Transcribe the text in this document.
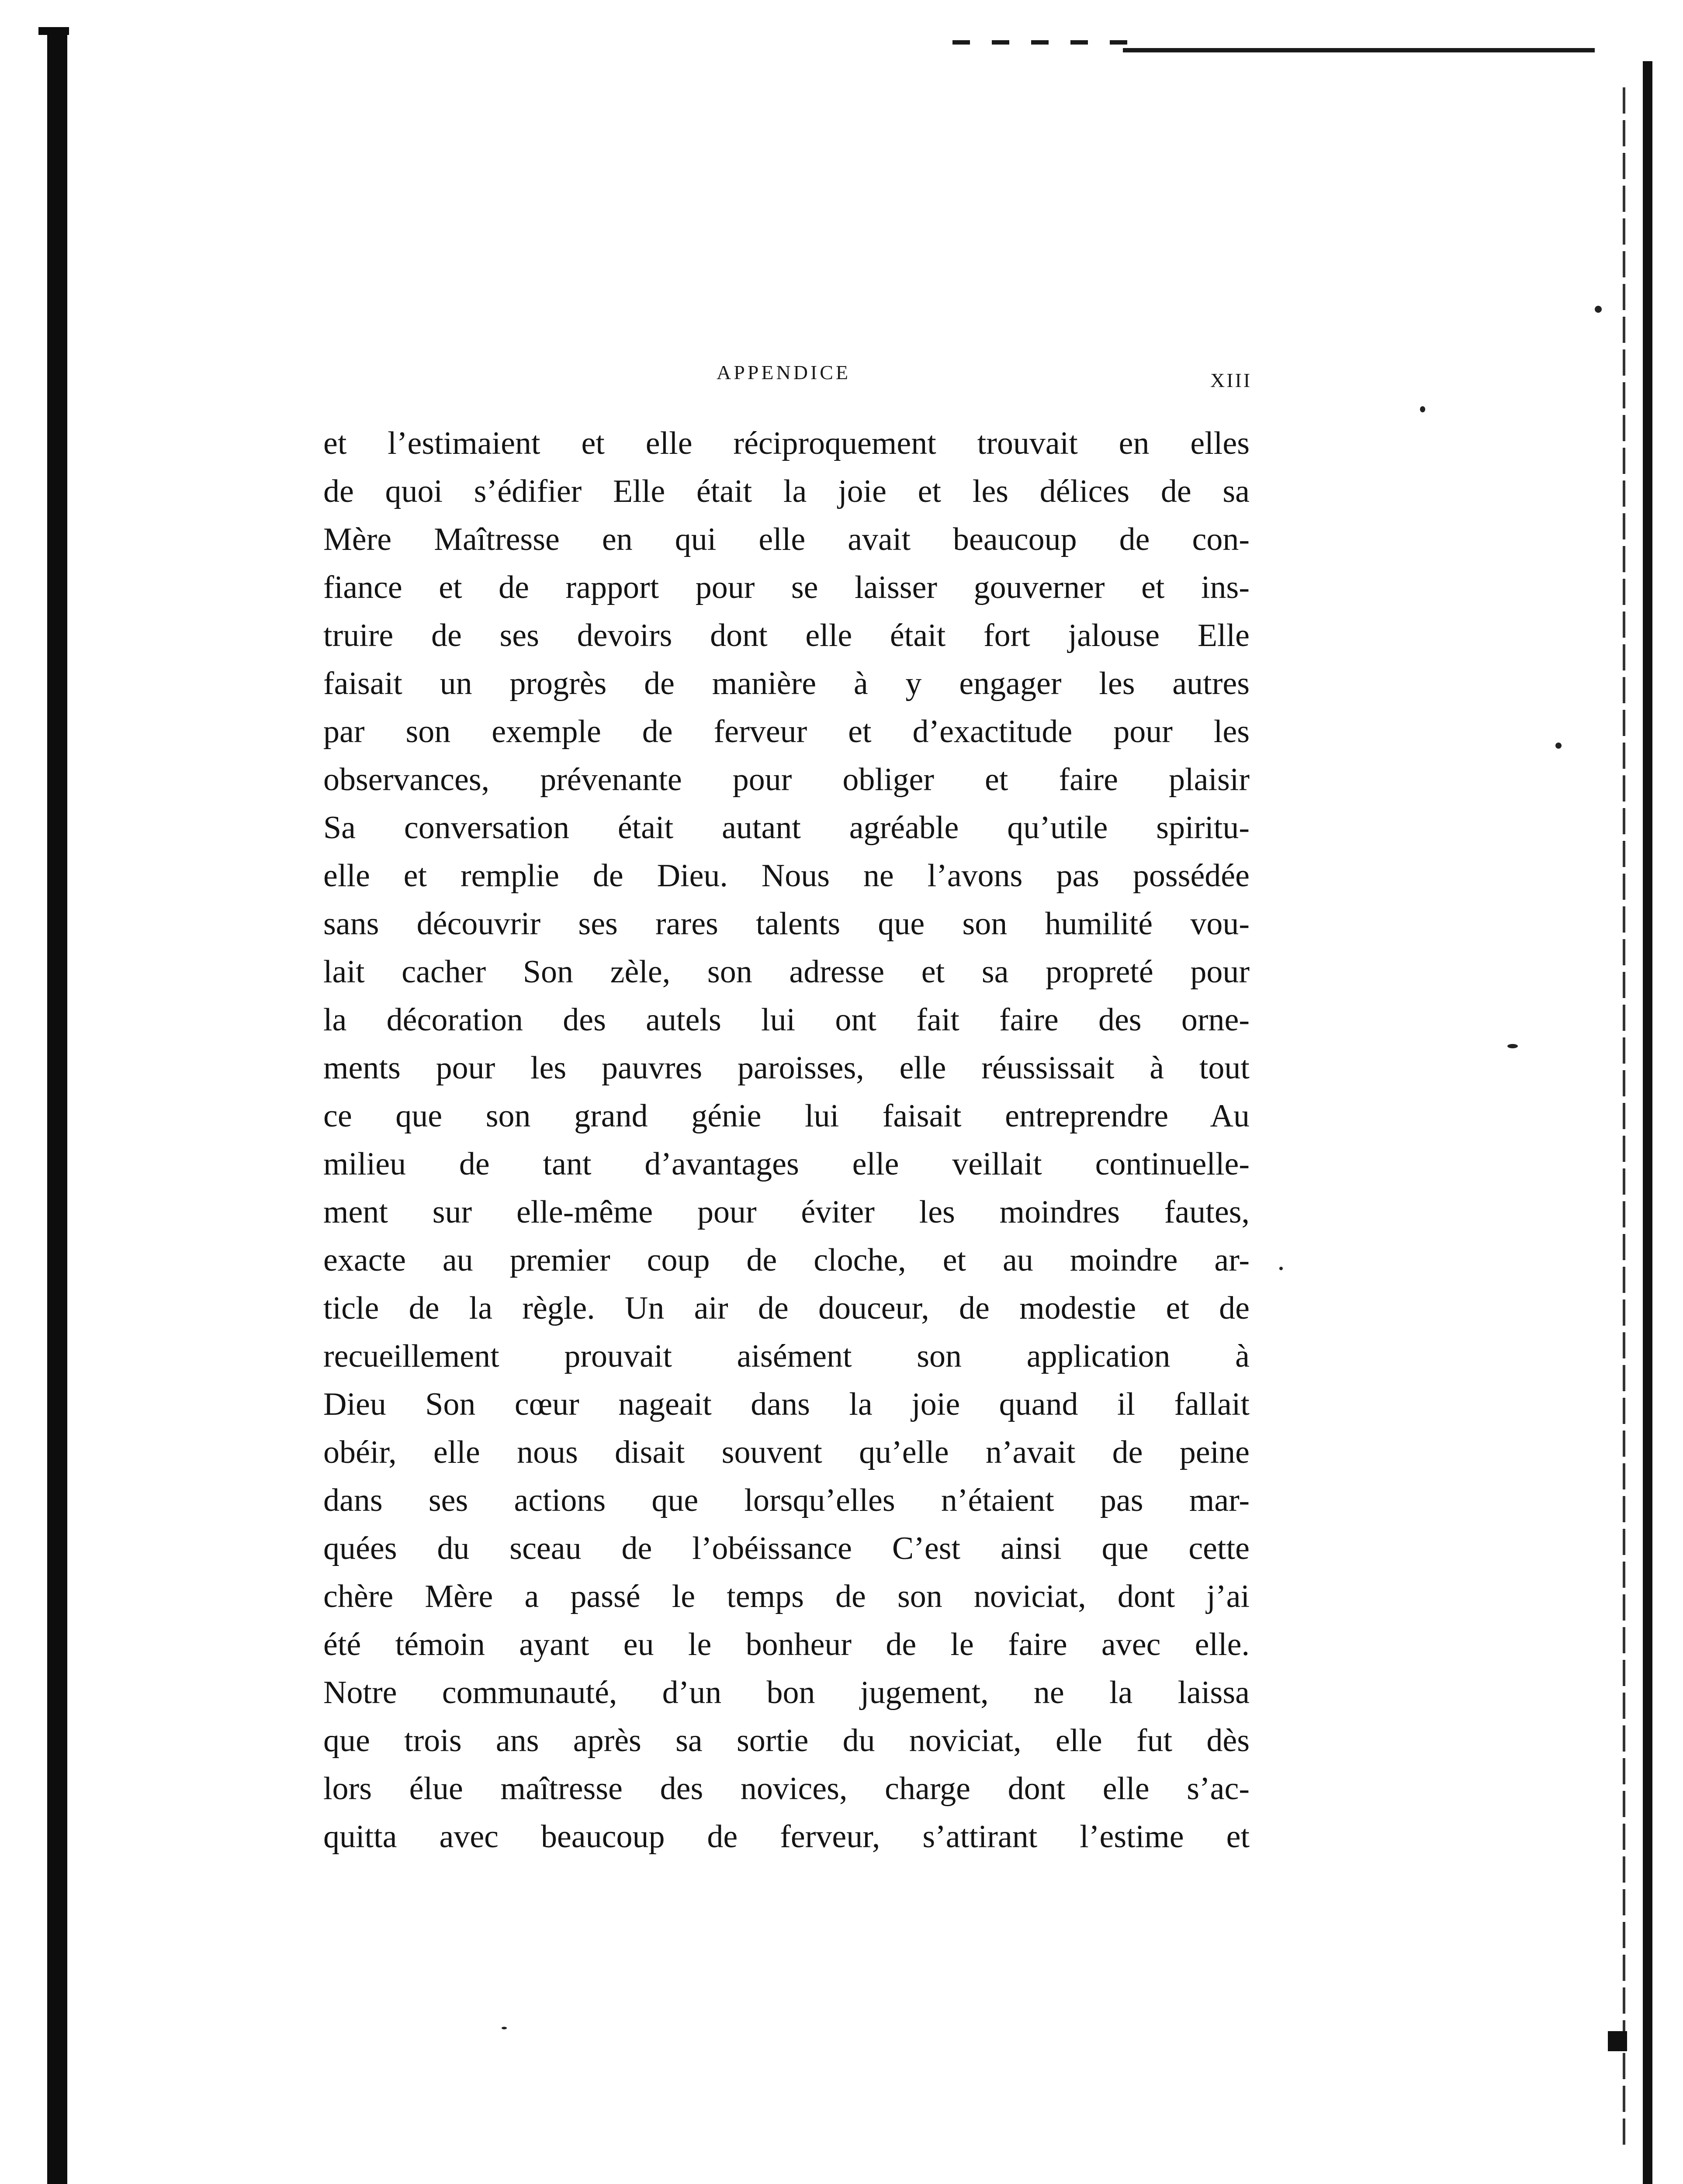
APPENDICE	XIII
et l’estimaient et elle réciproquement trouvait en elles
de quoi s’édifier Elle était la joie et les délices de sa
Mère Maîtresse en qui elle avait beaucoup de con-
fiance et de rapport pour se laisser gouverner et ins-
truire de ses devoirs dont elle était fort jalouse Elle
faisait un progrès de manière à y engager les autres
par son exemple de ferveur et d’exactitude pour les
observances, prévenante pour obliger et faire plaisir
Sa conversation était autant agréable qu’utile spiritu-
elle et remplie de Dieu. Nous ne l’avons pas possédée
sans découvrir ses rares talents que son humilité vou-
lait cacher Son zèle, son adresse et sa propreté pour
la décoration des autels lui ont fait faire des orne-
ments pour les pauvres paroisses, elle réussissait à tout
ce que son grand génie lui faisait entreprendre Au
milieu de tant d’avantages elle veillait continuelle-
ment sur elle-même pour éviter les moindres fautes,
exacte au premier coup de cloche, et au moindre ar-
ticle de la règle. Un air de douceur, de modestie et de
recueillement prouvait aisément son application à
Dieu Son cœur nageait dans la joie quand il fallait
obéir, elle nous disait souvent qu’elle n’avait de peine
dans ses actions que lorsqu’elles n’étaient pas mar-
quées du sceau de l’obéissance C’est ainsi que cette
chère Mère a passé le temps de son noviciat, dont j’ai
été témoin ayant eu le bonheur de le faire avec elle.
Notre communauté, d’un bon jugement, ne la laissa
que trois ans après sa sortie du noviciat, elle fut dès
lors élue maîtresse des novices, charge dont elle s’ac-
quitta avec beaucoup de ferveur, s’attirant l’estime et
